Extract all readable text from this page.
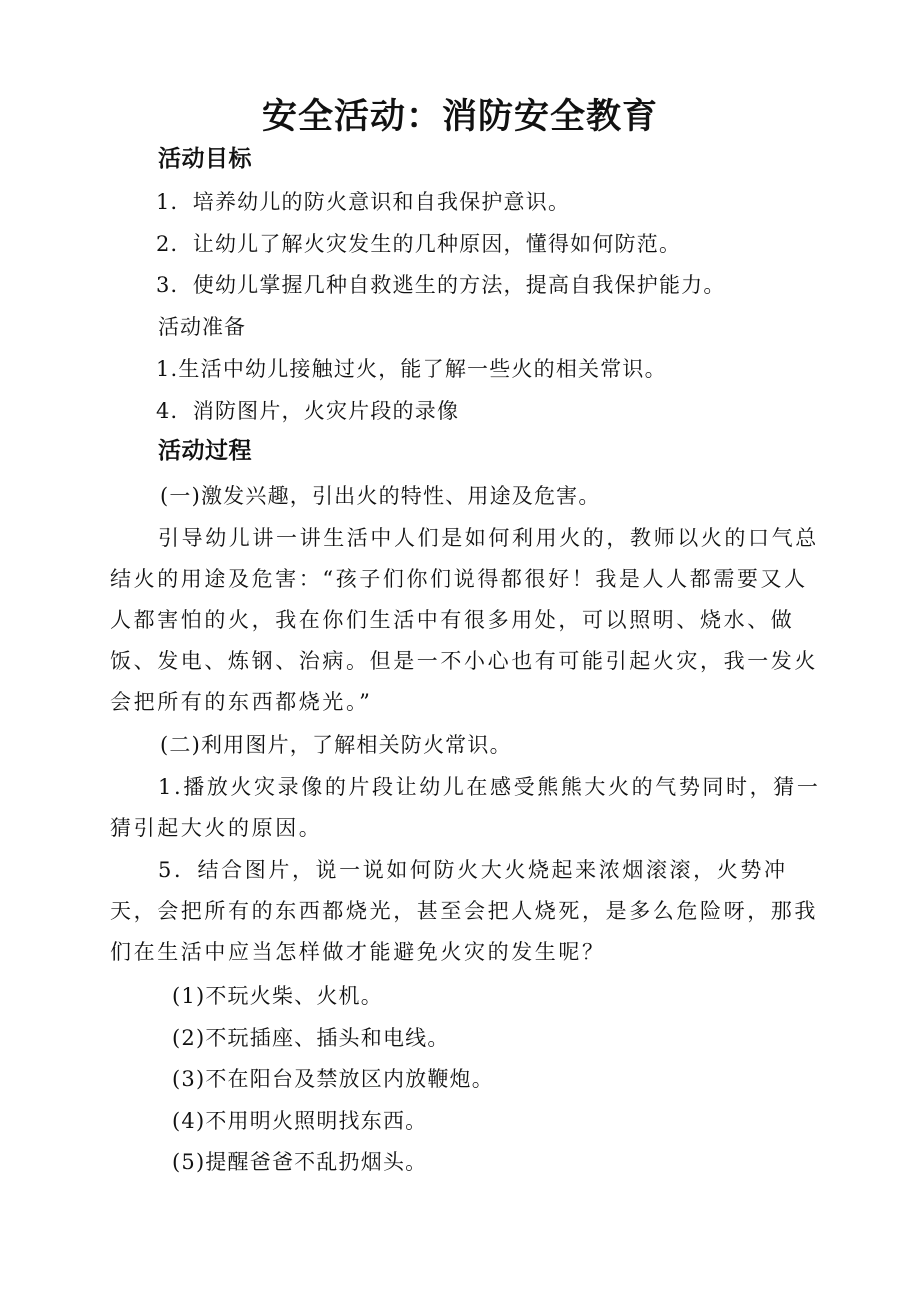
安全活动：消防安全教育
活动目标
1．培养幼儿的防火意识和自我保护意识。
2．让幼儿了解火灾发生的几种原因，懂得如何防范。
3．使幼儿掌握几种自救逃生的方法，提高自我保护能力。
活动准备
1.生活中幼儿接触过火，能了解一些火的相关常识。
4．消防图片，火灾片段的录像
活动过程
(一)激发兴趣，引出火的特性、用途及危害。

引导幼儿讲一讲生活中人们是如何利用火的，教师以火的口气总结火的用途及危害：“孩子们你们说得都很好！我是人人都需要又人人都害怕的火，我在你们生活中有很多用处，可以照明、烧水、做饭、发电、炼钢、治病。但是一不小心也有可能引起火灾，我一发火会把所有的东西都烧光。”

(二)利用图片，了解相关防火常识。

1.播放火灾录像的片段让幼儿在感受熊熊大火的气势同时，猜一猜引起大火的原因。

5．结合图片，说一说如何防火大火烧起来浓烟滚滚，火势冲天，会把所有的东西都烧光，甚至会把人烧死，是多么危险呀，那我们在生活中应当怎样做才能避免火灾的发生呢？

(1)不玩火柴、火机。
(2)不玩插座、插头和电线。
(3)不在阳台及禁放区内放鞭炮。
(4)不用明火照明找东西。
(5)提醒爸爸不乱扔烟头。
